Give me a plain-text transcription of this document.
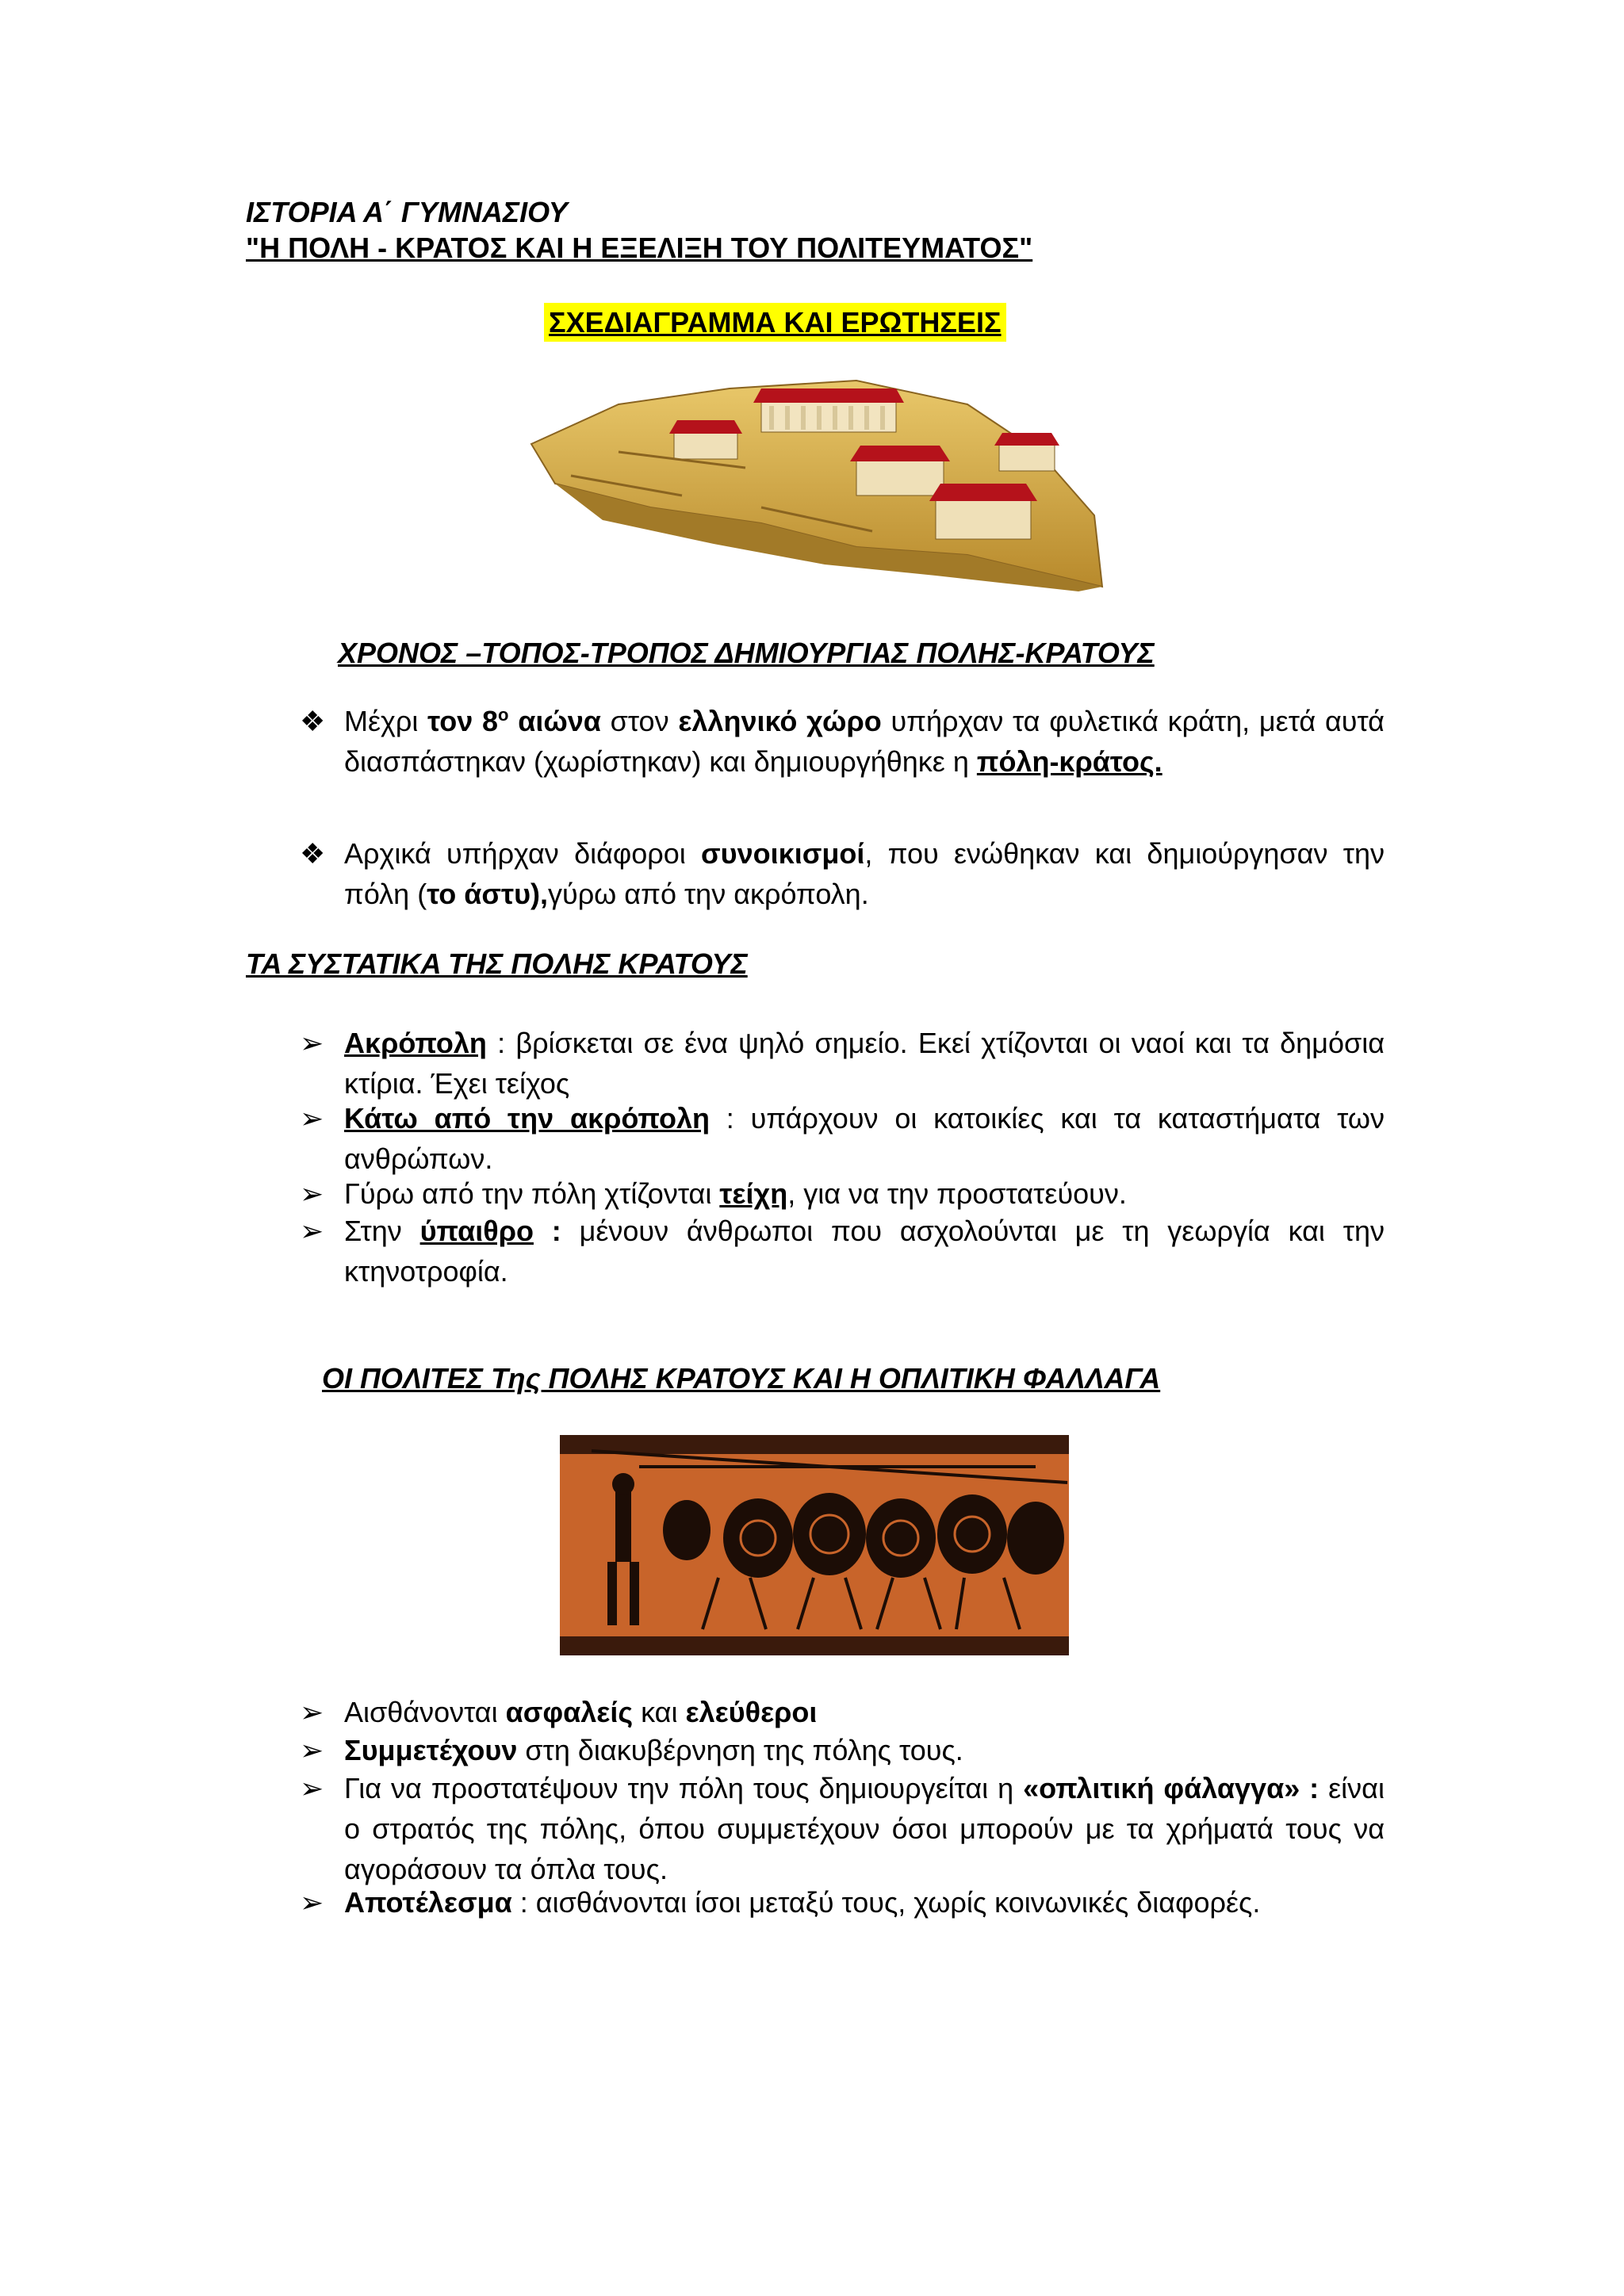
ΙΣΤΟΡΙΑ Α΄ ΓΥΜΝΑΣΙΟΥ
"Η ΠΟΛΗ - ΚΡΑΤΟΣ ΚΑΙ Η ΕΞΕΛΙΞΗ ΤΟΥ ΠΟΛΙΤΕΥΜΑΤΟΣ"
ΣΧΕΔΙΑΓΡΑΜΜΑ ΚΑΙ ΕΡΩΤΗΣΕΙΣ
ΧΡΟΝΟΣ –ΤΟΠΟΣ-ΤΡΟΠΟΣ ΔΗΜΙΟΥΡΓΙΑΣ ΠΟΛΗΣ-ΚΡΑΤΟΥΣ
❖ Μέχρι τον $8^o$ αιώνα στον ελληνικό χώρο υπήρχαν τα φυλετικά κράτη, μετά αυτά διασπάστηκαν (χωρίστηκαν) και δημιουργήθηκε η πόλη-κράτος.
❖ Αρχικά υπήρχαν διάφοροι συνοικισμοί, που ενώθηκαν και δημιούργησαν την πόλη (το άστυ),γύρω από την ακρόπολη.
ΤΑ ΣΥΣΤΑΤΙΚΑ ΤΗΣ ΠΟΛΗΣ ΚΡΑΤΟΥΣ
➢ Ακρόπολη : βρίσκεται σε ένα ψηλό σημείο. Εκεί χτίζονται οι ναοί και τα δημόσια κτίρια. Έχει τείχος
➢ Κάτω από την ακρόπολη : υπάρχουν οι κατοικίες και τα καταστήματα των ανθρώπων.
➢ Γύρω από την πόλη χτίζονται τείχη, για να την προστατεύουν.
➢ Στην ύπαιθρο : μένουν άνθρωποι που ασχολούνται με τη γεωργία και την κτηνοτροφία.
ΟΙ ΠΟΛΙΤΕΣ Της ΠΟΛΗΣ ΚΡΑΤΟΥΣ ΚΑΙ Η ΟΠΛΙΤΙΚΗ ΦΑΛΛΑΓΑ
➢ Αισθάνονται ασφαλείς και ελεύθεροι
➢ Συμμετέχουν στη διακυβέρνηση της πόλης τους.
➢ Για να προστατέψουν την πόλη τους δημιουργείται η «οπλιτική φάλαγγα» : είναι ο στρατός της πόλης, όπου συμμετέχουν όσοι μπορούν με τα χρήματά τους να αγοράσουν τα όπλα τους.
➢ Αποτέλεσμα : αισθάνονται ίσοι μεταξύ τους, χωρίς κοινωνικές διαφορές.
